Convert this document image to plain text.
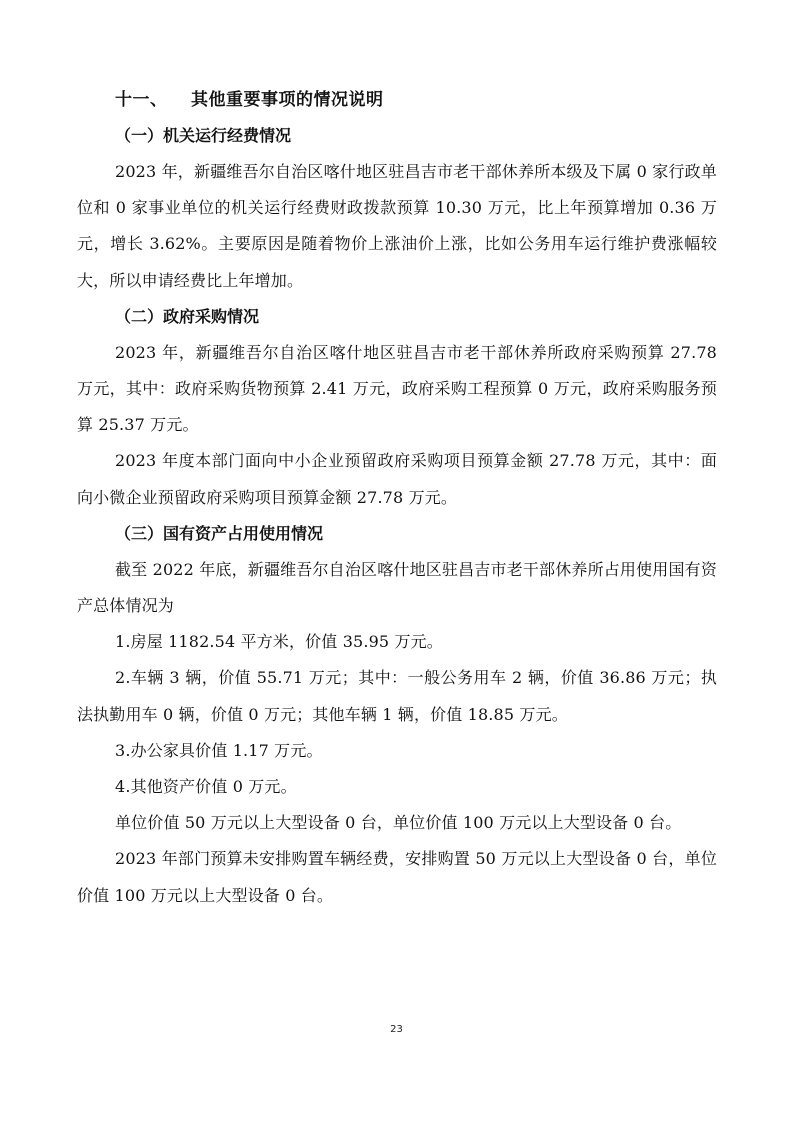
十一、 其他重要事项的情况说明
（一）机关运行经费情况

2023 年，新疆维吾尔自治区喀什地区驻昌吉市老干部休养所本级及下属 0 家行政单位和 0 家事业单位的机关运行经费财政拨款预算 10.30 万元，比上年预算增加 0.36 万元，增长 3.62%。主要原因是随着物价上涨油价上涨，比如公务用车运行维护费涨幅较大，所以申请经费比上年增加。

（二）政府采购情况

2023 年，新疆维吾尔自治区喀什地区驻昌吉市老干部休养所政府采购预算 27.78 万元，其中：政府采购货物预算 2.41 万元，政府采购工程预算 0 万元，政府采购服务预算 25.37 万元。

2023 年度本部门面向中小企业预留政府采购项目预算金额 27.78 万元，其中：面向小微企业预留政府采购项目预算金额 27.78 万元。

（三）国有资产占用使用情况

截至 2022 年底，新疆维吾尔自治区喀什地区驻昌吉市老干部休养所占用使用国有资产总体情况为

1.房屋 1182.54 平方米，价值 35.95 万元。

2.车辆 3 辆，价值 55.71 万元；其中：一般公务用车 2 辆，价值 36.86 万元；执法执勤用车 0 辆，价值 0 万元；其他车辆 1 辆，价值 18.85 万元。

3.办公家具价值 1.17 万元。

4.其他资产价值 0 万元。

单位价值 50 万元以上大型设备 0 台，单位价值 100 万元以上大型设备 0 台。

2023 年部门预算未安排购置车辆经费，安排购置 50 万元以上大型设备 0 台，单位价值 100 万元以上大型设备 0 台。

23
